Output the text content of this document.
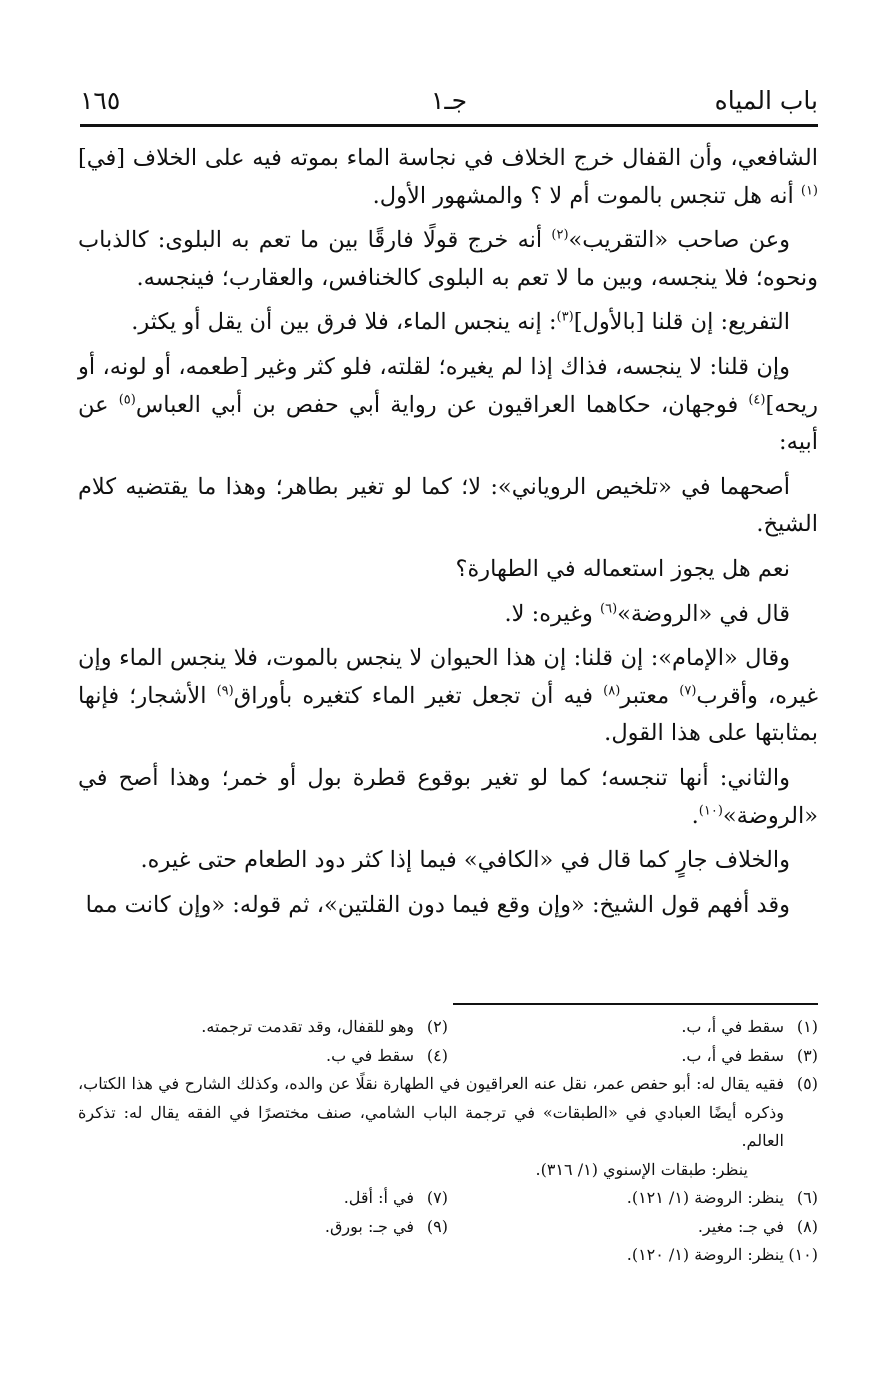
باب المياه
جـ١
١٦٥

الشافعي، وأن القفال خرج الخلاف في نجاسة الماء بموته فيه على الخلاف [في]$^{(١)}$ أنه هل تنجس بالموت أم لا ؟ والمشهور الأول.

وعن صاحب «التقريب»$^{(٢)}$ أنه خرج قولًا فارقًا بين ما تعم به البلوى: كالذباب ونحوه؛ فلا ينجسه، وبين ما لا تعم به البلوى كالخنافس، والعقارب؛ فينجسه.

التفريع: إن قلنا [بالأول]$^{(٣)}$: إنه ينجس الماء، فلا فرق بين أن يقل أو يكثر.

وإن قلنا: لا ينجسه، فذاك إذا لم يغيره؛ لقلته، فلو كثر وغير [طعمه، أو لونه، أو ريحه]$^{(٤)}$ فوجهان، حكاهما العراقيون عن رواية أبي حفص بن أبي العباس$^{(٥)}$ عن أبيه:

أصحهما في «تلخيص الروياني»: لا؛ كما لو تغير بطاهر؛ وهذا ما يقتضيه كلام الشيخ.

نعم هل يجوز استعماله في الطهارة؟

قال في «الروضة»$^{(٦)}$ وغيره: لا.

وقال «الإمام»: إن قلنا: إن هذا الحيوان لا ينجس بالموت، فلا ينجس الماء وإن غيره، وأقرب$^{(٧)}$ معتبر$^{(٨)}$ فيه أن تجعل تغير الماء كتغيره بأوراق$^{(٩)}$ الأشجار؛ فإنها بمثابتها على هذا القول.

والثاني: أنها تنجسه؛ كما لو تغير بوقوع قطرة بول أو خمر؛ وهذا أصح في «الروضة»$^{(١٠)}$.

والخلاف جارٍ كما قال في «الكافي» فيما إذا كثر دود الطعام حتى غيره.

وقد أفهم قول الشيخ: «وإن وقع فيما دون القلتين»، ثم قوله: «وإن كانت مما

(١)
سقط في أ، ب.
(٢)
وهو للقفال، وقد تقدمت ترجمته.
(٣)
سقط في أ، ب.
(٤)
سقط في ب.
(٥)
فقيه يقال له: أبو حفص عمر، نقل عنه العراقيون في الطهارة نقلًا عن والده، وكذلك الشارح في هذا الكتاب، وذكره أيضًا العبادي في «الطبقات» في ترجمة الباب الشامي، صنف مختصرًا في الفقه يقال له: تذكرة العالم.
ينظر: طبقات الإسنوي (١/ ٣١٦).
(٦)
ينظر: الروضة (١/ ١٢١).
(٧)
في أ: أقل.
(٨)
في جـ: مغير.
(٩)
في جـ: بورق.
(١٠)
ينظر: الروضة (١/ ١٢٠).
